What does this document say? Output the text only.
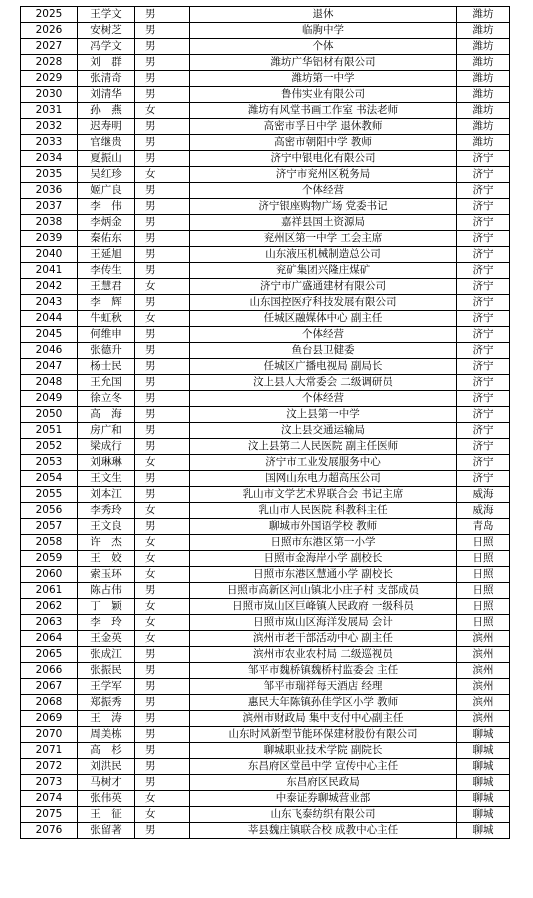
2025	王学文	男	退休	潍坊
2026	安树芝	男	临朐中学	潍坊
2027	冯学文	男	个体	潍坊
2028	刘　群	男	潍坊广华铝材有限公司	潍坊
2029	张清奇	男	潍坊第一中学	潍坊
2030	刘清华	男	鲁伟实业有限公司	潍坊
2031	孙　燕	女	潍坊有风堂书画工作室 书法老师	潍坊
2032	迟寿明	男	高密市孚日中学 退休教师	潍坊
2033	官继贵	男	高密市朝阳中学 教师	潍坊
2034	夏振山	男	济宁中银电化有限公司	济宁
2035	吴红珍	女	济宁市兖州区税务局	济宁
2036	姬广良	男	个体经营	济宁
2037	李　伟	男	济宁银座购物广场 党委书记	济宁
2038	李炳金	男	嘉祥县国土资源局	济宁
2039	秦佑东	男	兖州区第一中学 工会主席	济宁
2040	王延旭	男	山东液压机械制造总公司	济宁
2041	李传生	男	兖矿集团兴隆庄煤矿	济宁
2042	王慧君	女	济宁市广盛通建材有限公司	济宁
2043	李　辉	男	山东国控医疗科技发展有限公司	济宁
2044	牛虹秋	女	任城区融媒体中心 副主任	济宁
2045	何维申	男	个体经营	济宁
2046	张德升	男	鱼台县卫健委	济宁
2047	杨士民	男	任城区广播电视局 副局长	济宁
2048	王允国	男	汶上县人大常委会 二级调研员	济宁
2049	徐立冬	男	个体经营	济宁
2050	高　海	男	汶上县第一中学	济宁
2051	房广和	男	汶上县交通运输局	济宁
2052	梁成行	男	汶上县第二人民医院 副主任医师	济宁
2053	刘琳琳	女	济宁市工业发展服务中心	济宁
2054	王文生	男	国网山东电力超高压公司	济宁
2055	刘本江	男	乳山市文学艺术界联合会 书记主席	威海
2056	李秀玲	女	乳山市人民医院 科教科主任	威海
2057	王文良	男	聊城市外国语学校 教师	青岛
2058	许　杰	女	日照市东港区第一小学	日照
2059	王　姣	女	日照市金海岸小学 副校长	日照
2060	索玉环	女	日照市东港区慧通小学 副校长	日照
2061	陈占伟	男	日照市高新区河山镇北小庄子村 支部成员	日照
2062	丁　颖	女	日照市岚山区巨峰镇人民政府 一级科员	日照
2063	李　玲	女	日照市岚山区海洋发展局 会计	日照
2064	王金英	女	滨州市老干部活动中心 副主任	滨州
2065	张成江	男	滨州市农业农村局 二级巡视员	滨州
2066	张振民	男	邹平市魏桥镇魏桥村监委会 主任	滨州
2067	王学军	男	邹平市瑞祥每天酒店 经理	滨州
2068	郑振秀	男	惠民大年陈镇孙佳学区小学 教师	滨州
2069	王　涛	男	滨州市财政局 集中支付中心副主任	滨州
2070	周美栋	男	山东时风新型节能环保建材股份有限公司	聊城
2071	高　杉	男	聊城职业技术学院 副院长	聊城
2072	刘洪民	男	东昌府区堂邑中学 宣传中心主任	聊城
2073	马树才	男	东昌府区民政局	聊城
2074	张伟英	女	中泰证券聊城营业部	聊城
2075	王　征	女	山东飞泰纺织有限公司	聊城
2076	张留著	男	莘县魏庄镇联合校 成教中心主任	聊城
